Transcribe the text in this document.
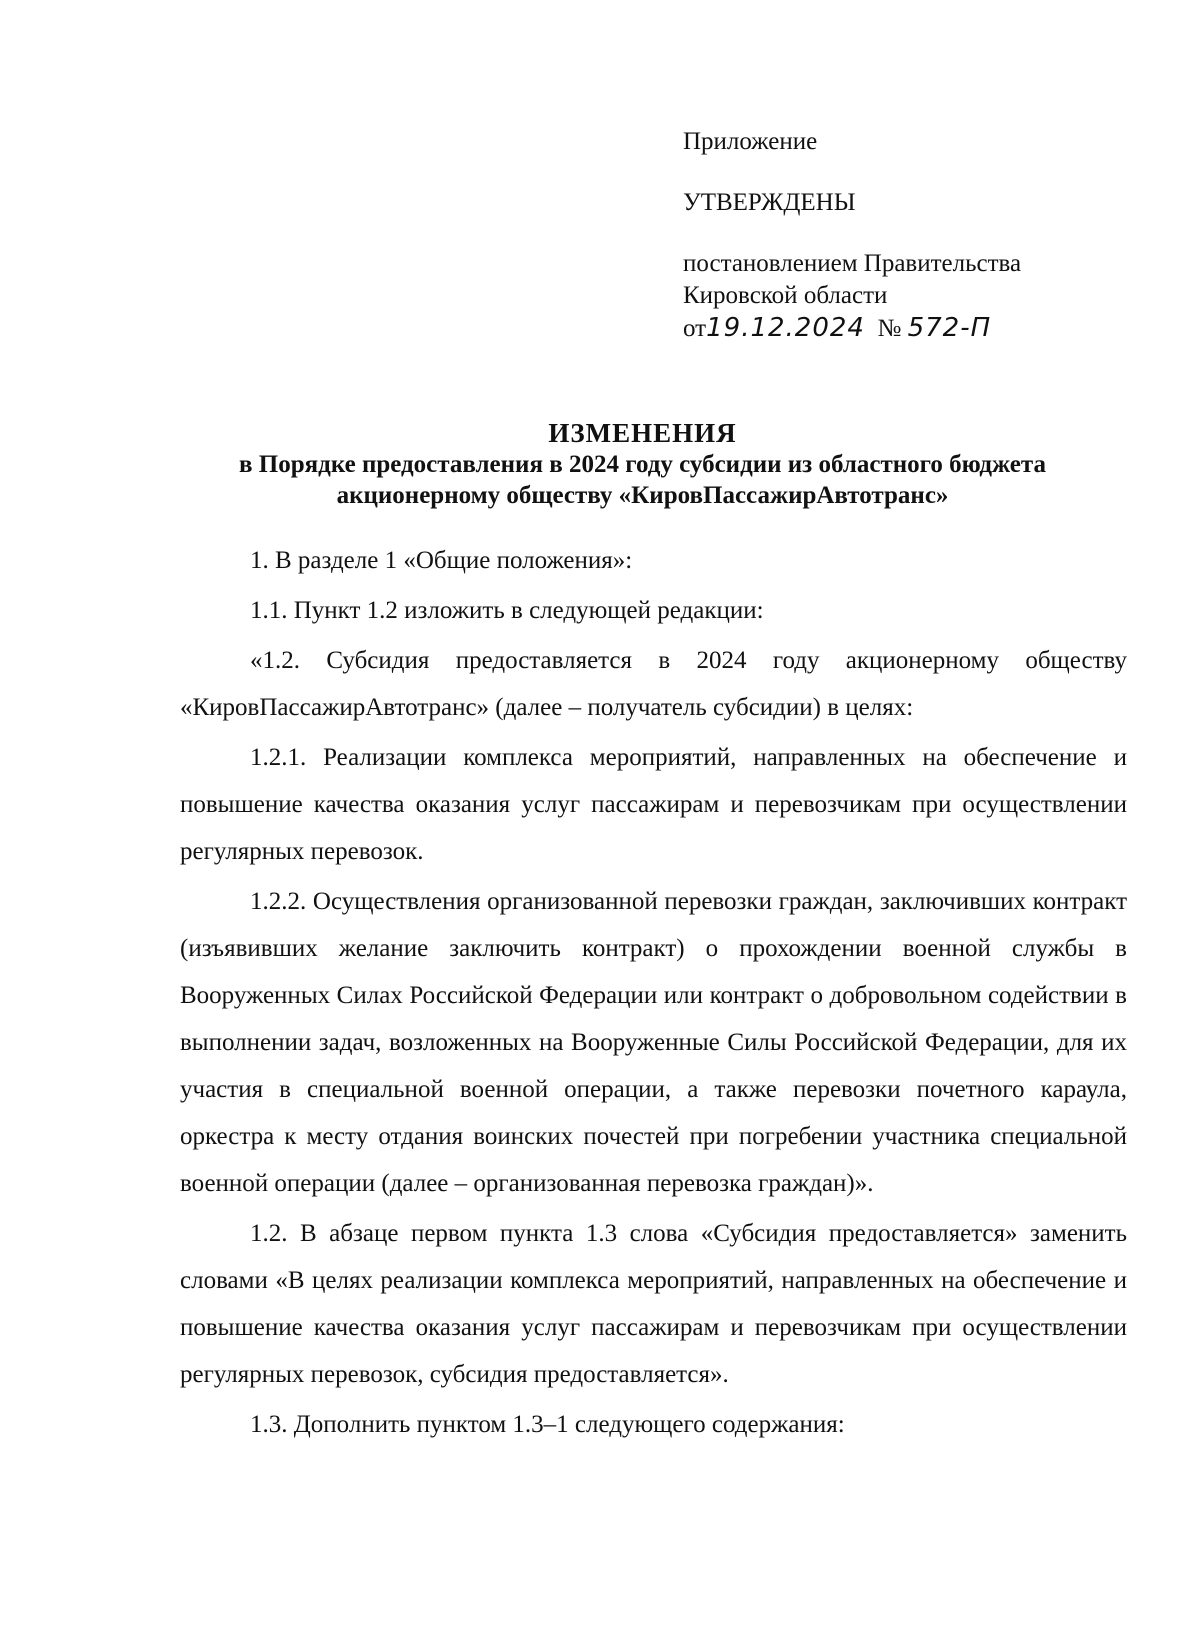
Приложение
УТВЕРЖДЕНЫ
постановлением Правительства
Кировской области
от19.12.2024 № 572-П
ИЗМЕНЕНИЯ
в Порядке предоставления в 2024 году субсидии из областного бюджета
акционерному обществу «КировПассажирАвтотранс»

1. В разделе 1 «Общие положения»:

1.1. Пункт 1.2 изложить в следующей редакции:

«1.2. Субсидия предоставляется в 2024 году акционерному обществу «КировПассажирАвтотранс» (далее – получатель субсидии) в целях:

1.2.1. Реализации комплекса мероприятий, направленных на обеспечение и повышение качества оказания услуг пассажирам и перевозчикам при осуществлении регулярных перевозок.

1.2.2. Осуществления организованной перевозки граждан, заключивших контракт (изъявивших желание заключить контракт) о прохождении военной службы в Вооруженных Силах Российской Федерации или контракт о добровольном содействии в выполнении задач, возложенных на Вооруженные Силы Российской Федерации, для их участия в специальной военной операции, а также перевозки почетного караула, оркестра к месту отдания воинских почестей при погребении участника специальной военной операции (далее – организованная перевозка граждан)».

1.2. В абзаце первом пункта 1.3 слова «Субсидия предоставляется» заменить словами «В целях реализации комплекса мероприятий, направленных на обеспечение и повышение качества оказания услуг пассажирам и перевозчикам при осуществлении регулярных перевозок, субсидия предоставляется».

1.3. Дополнить пунктом 1.3–1 следующего содержания:
